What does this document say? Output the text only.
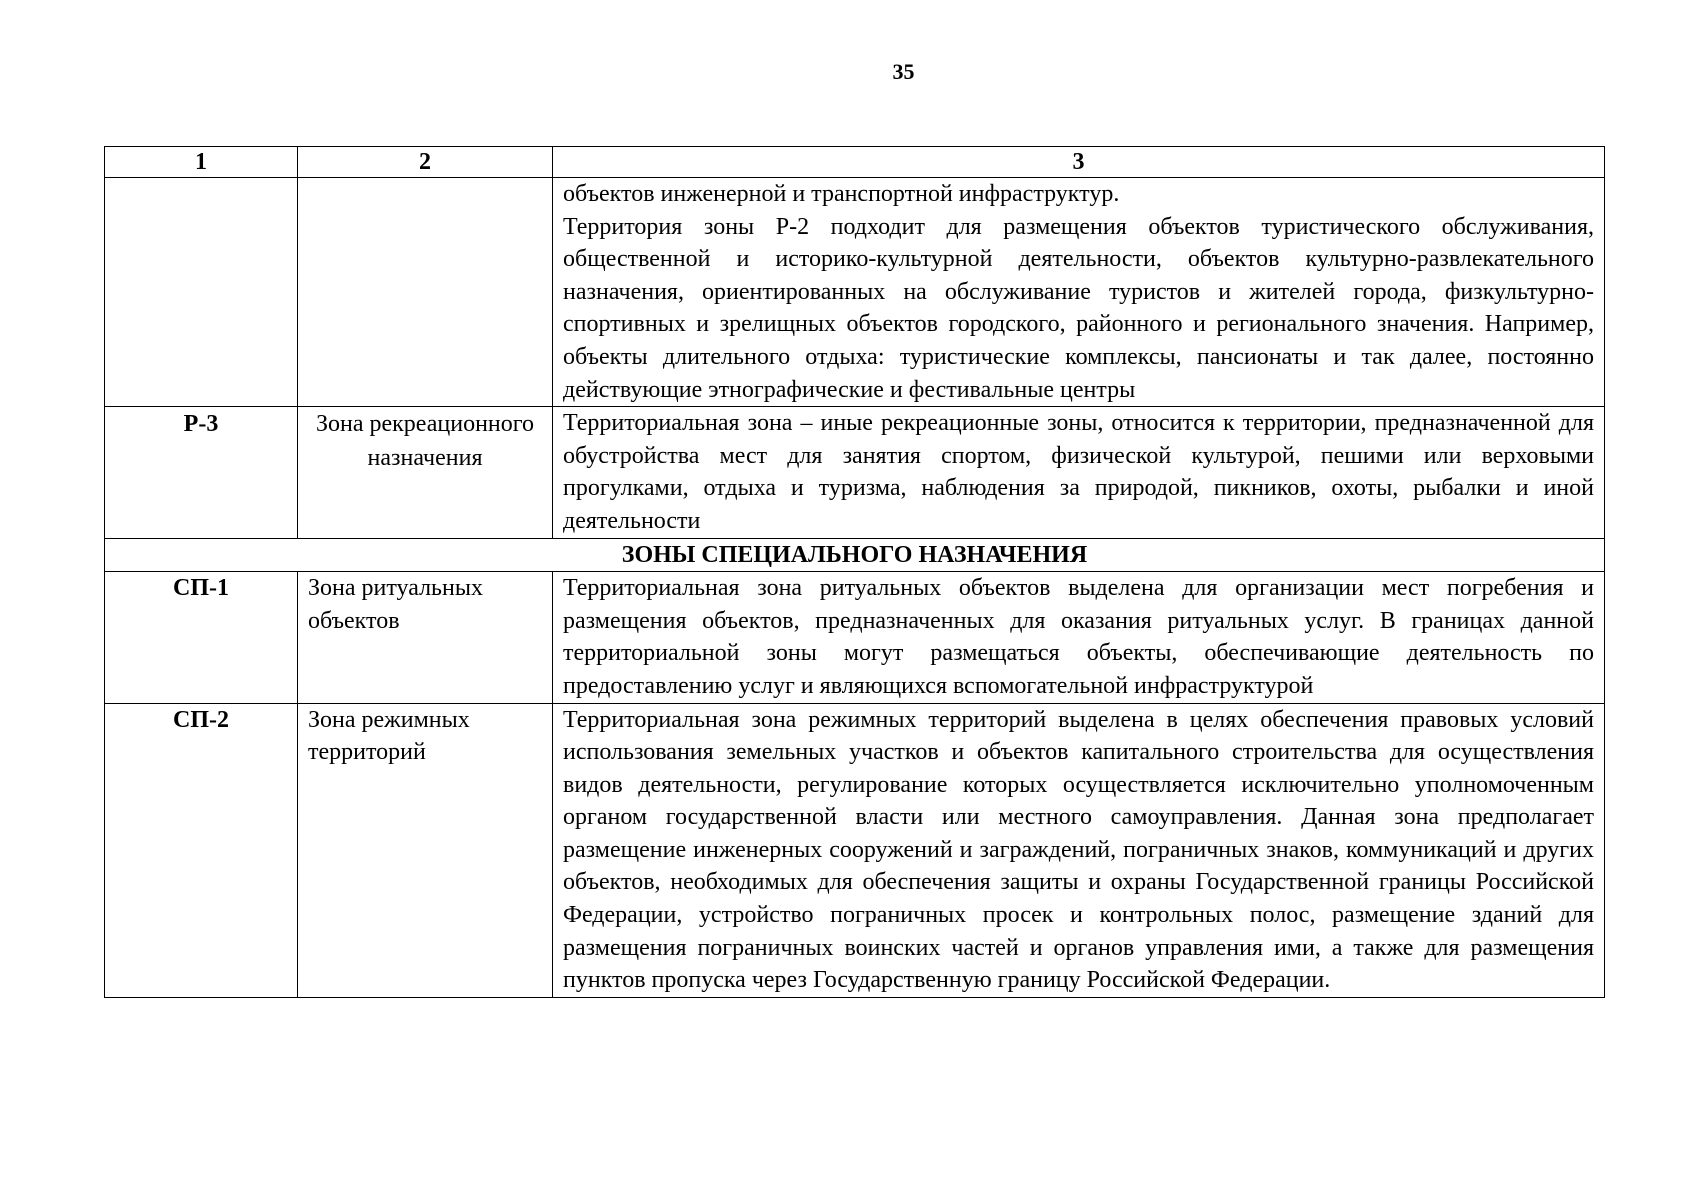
35
1	2	3

		объектов инженерной и транспортной инфраструктур.

Территория зоны Р-2 подходит для размещения объектов туристического обслуживания, общественной и историко-культурной деятельности, объектов культурно-развлекательного назначения, ориентированных на обслуживание туристов и жителей города, физкультурно-спортивных и зрелищных объектов городского, районного и регионального значения. Например, объекты длительного отдыха: туристические комплексы, пансионаты и так далее, постоянно действующие этнографические и фестивальные центры

Р-3	Зона рекреационного назначения	Территориальная зона – иные рекреационные зоны, относится к территории, предназначенной для обустройства мест для занятия спортом, физической культурой, пешими или верховыми прогулками, отдыха и туризма, наблюдения за природой, пикников, охоты, рыбалки и иной деятельности
ЗОНЫ СПЕЦИАЛЬНОГО НАЗНАЧЕНИЯ		
СП-1	Зона ритуальных объектов	Территориальная зона ритуальных объектов выделена для организации мест погребения и размещения объектов, предназначенных для оказания ритуальных услуг. В границах данной территориальной зоны могут размещаться объекты, обеспечивающие деятельность по предоставлению услуг и являющихся вспомогательной инфраструктурой
СП-2	Зона режимных территорий	Территориальная зона режимных территорий выделена в целях обеспечения правовых условий использования земельных участков и объектов капитального строительства для осуществления видов деятельности, регулирование которых осуществляется исключительно уполномоченным органом государственной власти или местного самоуправления. Данная зона предполагает размещение инженерных сооружений и заграждений, пограничных знаков, коммуникаций и других объектов, необходимых для обеспечения защиты и охраны Государственной границы Российской Федерации, устройство пограничных просек и контрольных полос, размещение зданий для размещения пограничных воинских частей и органов управления ими, а также для размещения пунктов пропуска через Государственную границу Российской Федерации.
